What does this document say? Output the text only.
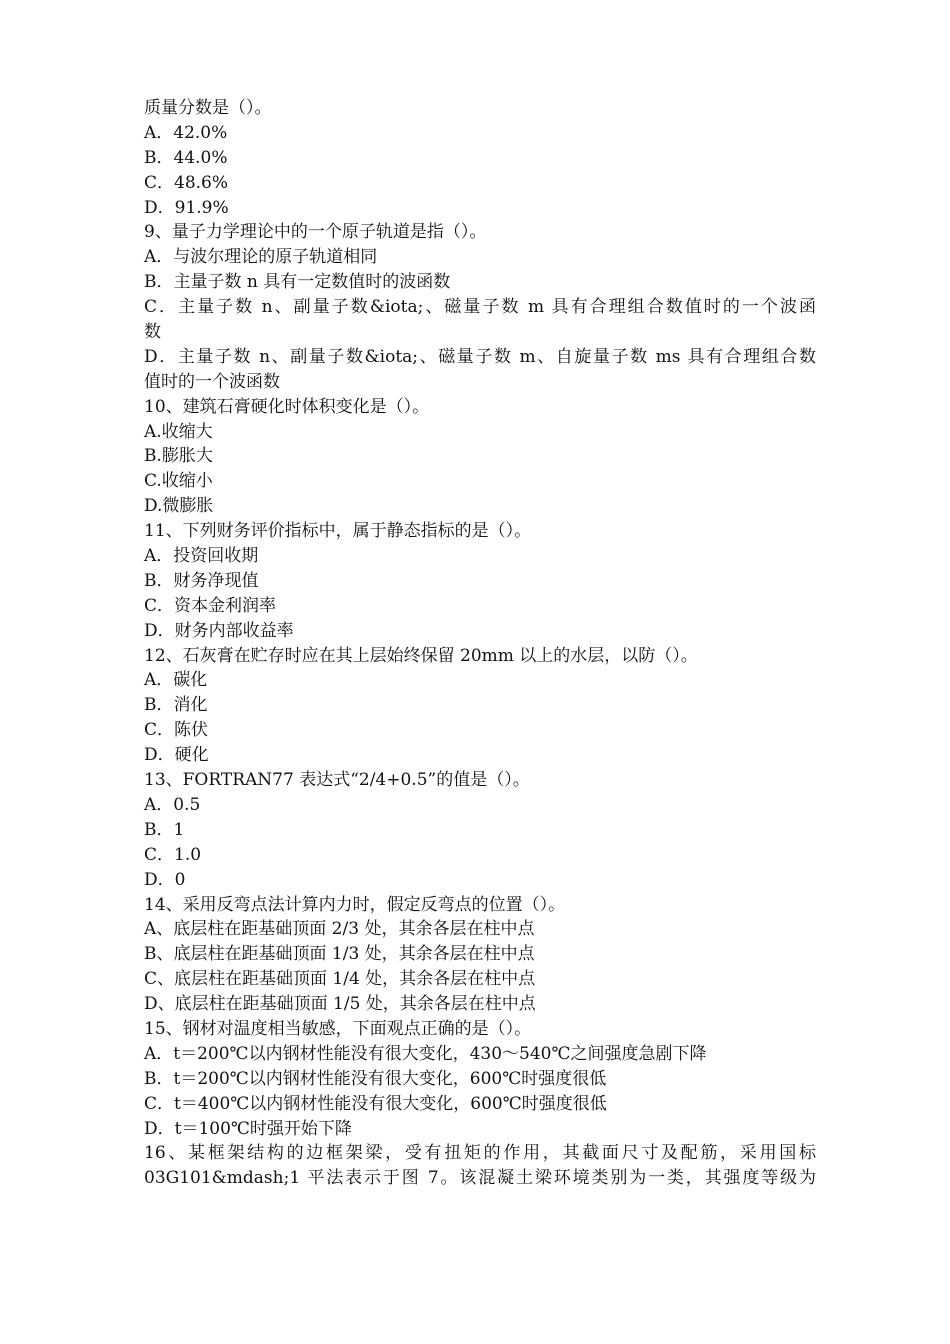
质量分数是（）。
A．42.0%
B．44.0%
C．48.6%
D．91.9%
9、量子力学理论中的一个原子轨道是指（）。
A．与波尔理论的原子轨道相同
B．主量子数 n 具有一定数值时的波函数
C．主量子数 n、副量子数&iota;、磁量子数 m 具有合理组合数值时的一个波函
数
D．主量子数 n、副量子数&iota;、磁量子数 m、自旋量子数 ms 具有合理组合数
值时的一个波函数
10、建筑石膏硬化时体积变化是（）。
A.收缩大
B.膨胀大
C.收缩小
D.微膨胀
11、下列财务评价指标中，属于静态指标的是（）。
A．投资回收期
B．财务净现值
C．资本金利润率
D．财务内部收益率
12、石灰膏在贮存时应在其上层始终保留 20mm 以上的水层，以防（）。
A．碳化
B．消化
C．陈伏
D．硬化
13、FORTRAN77 表达式“2/4+0.5”的值是（）。
A．0.5
B．1
C．1.0
D．0
14、采用反弯点法计算内力时，假定反弯点的位置（）。
A、底层柱在距基础顶面 2/3 处，其余各层在柱中点
B、底层柱在距基础顶面 1/3 处，其余各层在柱中点
C、底层柱在距基础顶面 1/4 处，其余各层在柱中点
D、底层柱在距基础顶面 1/5 处，其余各层在柱中点
15、钢材对温度相当敏感，下面观点正确的是（）。
A．t＝200℃以内钢材性能没有很大变化，430～540℃之间强度急剧下降
B．t＝200℃以内钢材性能没有很大变化，600℃时强度很低
C．t＝400℃以内钢材性能没有很大变化，600℃时强度很低
D．t＝100℃时强开始下降
16、某框架结构的边框架梁，受有扭矩的作用，其截面尺寸及配筋，采用国标
03G101&mdash;1 平法表示于图 7。该混凝土梁环境类别为一类，其强度等级为
